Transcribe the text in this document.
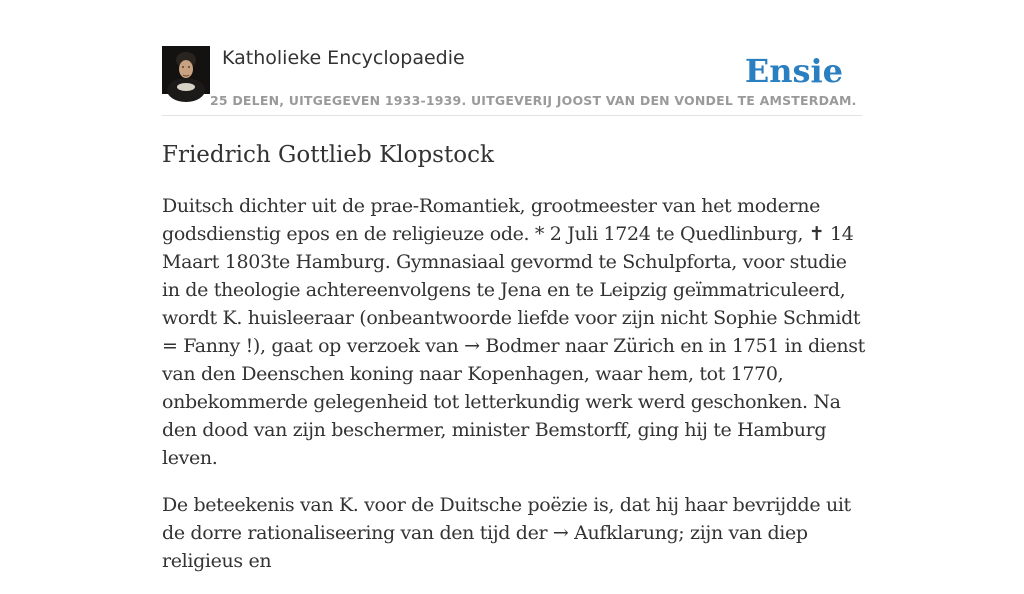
Katholieke Encyclopaedie
25 DELEN, UITGEGEVEN 1933-1939. UITGEVERIJ JOOST VAN DEN VONDEL TE AMSTERDAM.
Ensie
Friedrich Gottlieb Klopstock

Duitsch dichter uit de prae-Romantiek, grootmeester van het moderne godsdienstig epos en de religieuze ode. * 2 Juli 1724 te Quedlinburg, ✝ 14 Maart 1803te Hamburg. Gymnasiaal gevormd te Schulpforta, voor studie in de theologie achtereenvolgens te Jena en te Leipzig geïmmatriculeerd, wordt K. huisleeraar (onbeantwoorde liefde voor zijn nicht Sophie Schmidt = Fanny !), gaat op verzoek van → Bodmer naar Zürich en in 1751 in dienst van den Deenschen koning naar Kopenhagen, waar hem, tot 1770, onbekommerde gelegenheid tot letterkundig werk werd geschonken. Na den dood van zijn beschermer, minister Bemstorff, ging hij te Hamburg leven.

De beteekenis van K. voor de Duitsche poëzie is, dat hij haar bevrijdde uit de dorre rationaliseering van den tijd der → Aufklarung; zijn van diep religieus en
